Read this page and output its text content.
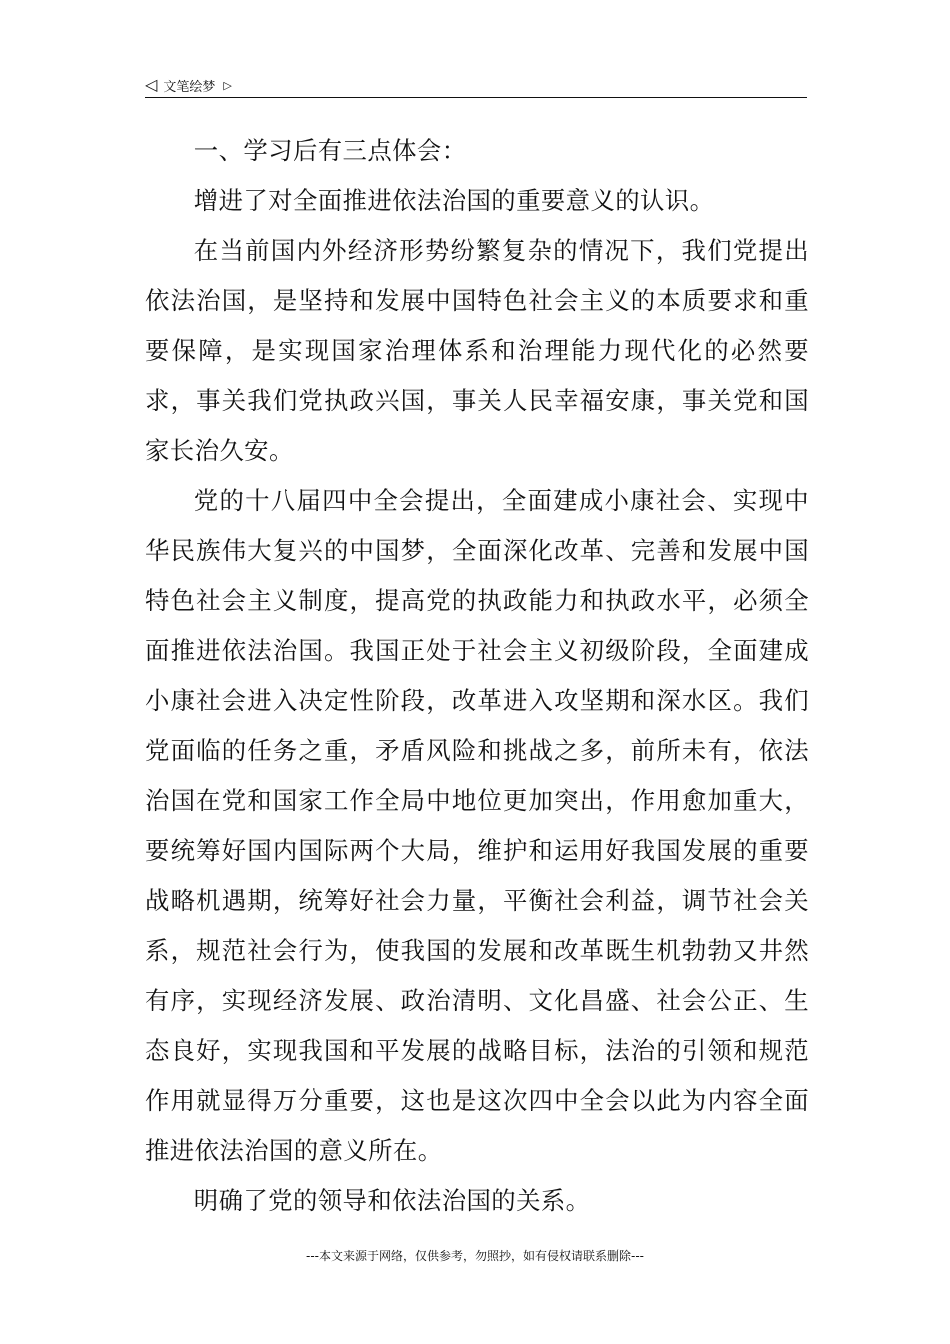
◁ 文笔绘梦 ▷

一、学习后有三点体会：

增进了对全面推进依法治国的重要意义的认识。

在当前国内外经济形势纷繁复杂的情况下，我们党提出依法治国，是坚持和发展中国特色社会主义的本质要求和重要保障，是实现国家治理体系和治理能力现代化的必然要求，事关我们党执政兴国，事关人民幸福安康，事关党和国家长治久安。

党的十八届四中全会提出，全面建成小康社会、实现中华民族伟大复兴的中国梦，全面深化改革、完善和发展中国特色社会主义制度，提高党的执政能力和执政水平，必须全面推进依法治国。我国正处于社会主义初级阶段，全面建成小康社会进入决定性阶段，改革进入攻坚期和深水区。我们党面临的任务之重，矛盾风险和挑战之多，前所未有，依法治国在党和国家工作全局中地位更加突出，作用愈加重大，要统筹好国内国际两个大局，维护和运用好我国发展的重要战略机遇期，统筹好社会力量，平衡社会利益，调节社会关系，规范社会行为，使我国的发展和改革既生机勃勃又井然有序，实现经济发展、政治清明、文化昌盛、社会公正、生态良好，实现我国和平发展的战略目标，法治的引领和规范作用就显得万分重要，这也是这次四中全会以此为内容全面推进依法治国的意义所在。

明确了党的领导和依法治国的关系。

---本文来源于网络，仅供参考，勿照抄，如有侵权请联系删除---
